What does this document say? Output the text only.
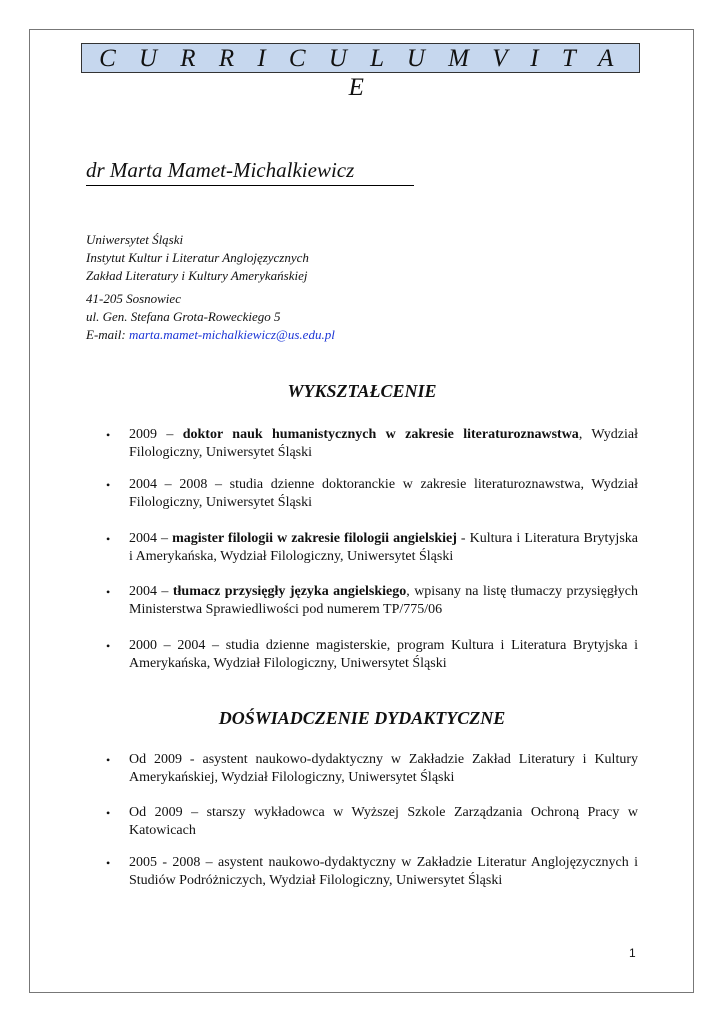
C U R R I C U L U M V I T A E
dr Marta Mamet-Michalkiewicz
Uniwersytet Śląski
Instytut Kultur i Literatur Anglojęzycznych
Zakład Literatury i Kultury Amerykańskiej
41-205 Sosnowiec
ul. Gen. Stefana Grota-Roweckiego 5
E-mail: marta.mamet-michalkiewicz@us.edu.pl
WYKSZTAŁCENIE
• 2009 – doktor nauk humanistycznych w zakresie literaturoznawstwa, Wydział Filologiczny, Uniwersytet Śląski
• 2004 – 2008 – studia dzienne doktoranckie w zakresie literaturoznawstwa, Wydział Filologiczny, Uniwersytet Śląski
• 2004 – magister filologii w zakresie filologii angielskiej - Kultura i Literatura Brytyjska i Amerykańska, Wydział Filologiczny, Uniwersytet Śląski
• 2004 – tłumacz przysięgły języka angielskiego, wpisany na listę tłumaczy przysięgłych Ministerstwa Sprawiedliwości pod numerem TP/775/06
• 2000 – 2004 – studia dzienne magisterskie, program Kultura i Literatura Brytyjska i Amerykańska, Wydział Filologiczny, Uniwersytet Śląski
DOŚWIADCZENIE DYDAKTYCZNE
• Od 2009 - asystent naukowo-dydaktyczny w Zakładzie Zakład Literatury i Kultury Amerykańskiej, Wydział Filologiczny, Uniwersytet Śląski
• Od 2009 – starszy wykładowca w Wyższej Szkole Zarządzania Ochroną Pracy w Katowicach
• 2005 - 2008 – asystent naukowo-dydaktyczny w Zakładzie Literatur Anglojęzycznych i Studiów Podróżniczych, Wydział Filologiczny, Uniwersytet Śląski
1
